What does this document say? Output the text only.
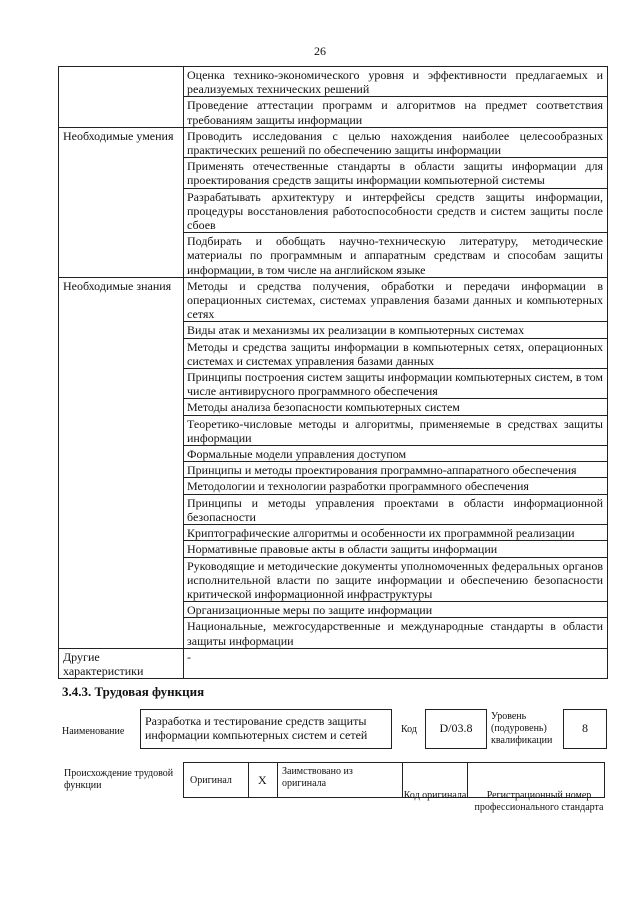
26
	Оценка технико-экономического уровня и эффективности предлагаемых и реализуемых технических решений
	Проведение аттестации программ и алгоритмов на предмет соответствия требованиям защиты информации
Необходимые умения	Проводить исследования с целью нахождения наиболее целесообразных практических решений по обеспечению защиты информации
	Применять отечественные стандарты в области защиты информации для проектирования средств защиты информации компьютерной системы
	Разрабатывать архитектуру и интерфейсы средств защиты информации, процедуры восстановления работоспособности средств и систем защиты после сбоев
	Подбирать и обобщать научно-техническую литературу, методические материалы по программным и аппаратным средствам и способам защиты информации, в том числе на английском языке
Необходимые знания	Методы и средства получения, обработки и передачи информации в операционных системах, системах управления базами данных и компьютерных сетях
	Виды атак и механизмы их реализации в компьютерных системах
	Методы и средства защиты информации в компьютерных сетях, операционных системах и системах управления базами данных
	Принципы построения систем защиты информации компьютерных систем, в том числе антивирусного программного обеспечения
	Методы анализа безопасности компьютерных систем
	Теоретико-числовые методы и алгоритмы, применяемые в средствах защиты информации
	Формальные модели управления доступом
	Принципы и методы проектирования программно-аппаратного обеспечения
	Методологии и технологии разработки программного обеспечения
	Принципы и методы управления проектами в области информационной безопасности
	Криптографические алгоритмы и особенности их программной реализации
	Нормативные правовые акты в области защиты информации
	Руководящие и методические документы уполномоченных федеральных органов исполнительной власти по защите информации и обеспечению безопасности критической информационной инфраструктуры
	Организационные меры по защите информации
	Национальные, межгосударственные и международные стандарты в области защиты информации
Другие характеристики	-
3.4.3. Трудовая функция
Наименование
Разработка и тестирование средств защиты информации компьютерных систем и сетей	Код	D/03.8
Уровень (подуровень) квалификации
8
Происхождение трудовой функции	Оригинал X
Заимствовано из оригинала
Код оригинала	Регистрационный номер профессионального стандарта
